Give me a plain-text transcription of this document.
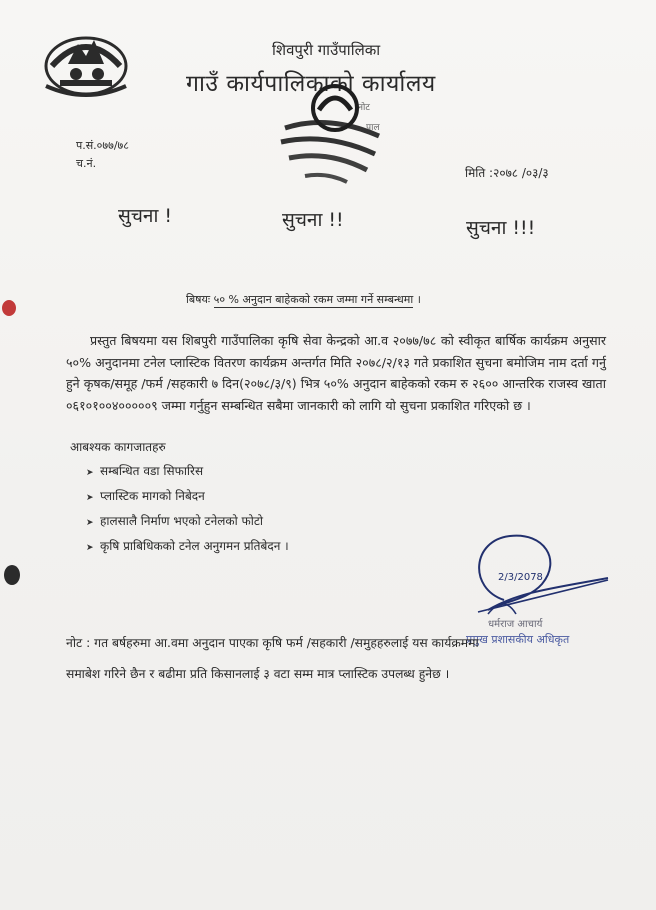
शिवपुरी गाउँपालिका
गाउँ कार्यपालिकाको कार्यालय
नोट
पाल
प.सं.०७७/७८
च.नं.
मिति :२०७८ /०३/३
सुचना !	सुचना !!	सुचना !!!
बिषयः ५० % अनुदान बाहेकको रकम जम्मा गर्ने सम्बन्धमा ।

प्रस्तुत बिषयमा यस शिबपुरी गाउँपालिका कृषि सेवा केन्द्रको आ.व २०७७/७८ को स्वीकृत बार्षिक कार्यक्रम अनुसार ५०% अनुदानमा टनेल प्लास्टिक वितरण कार्यक्रम अन्तर्गत मिति २०७८/२/१३ गते प्रकाशित सुचना बमोजिम नाम दर्ता गर्नु हुने कृषक/समूह /फर्म /सहकारी ७ दिन(२०७८/३/९) भित्र ५०% अनुदान बाहेकको रकम रु २६०० आन्तरिक राजस्व खाता ०६१०१००४०००००९ जम्मा गर्नुहुन सम्बन्धित सबैमा जानकारी को लागि यो सुचना प्रकाशित गरिएको छ ।

आबश्यक कागजातहरु
➤ सम्बन्धित वडा सिफारिस
➤ प्लास्टिक मागको निबेदन
➤ हालसालै निर्माण भएको टनेलको फोटो
➤ कृषि प्राबिधिकको टनेल अनुगमन प्रतिबेदन ।
2/3/2078
धर्मराज आचार्य
प्रमुख प्रशासकीय अधिकृत
नोट : गत बर्षहरुमा आ.वमा अनुदान पाएका कृषि फर्म /सहकारी /समुहहरुलाई यस कार्यक्रममा
समाबेश गरिने छैन र बढीमा प्रति किसानलाई ३ वटा सम्म मात्र प्लास्टिक उपलब्ध हुनेछ ।
